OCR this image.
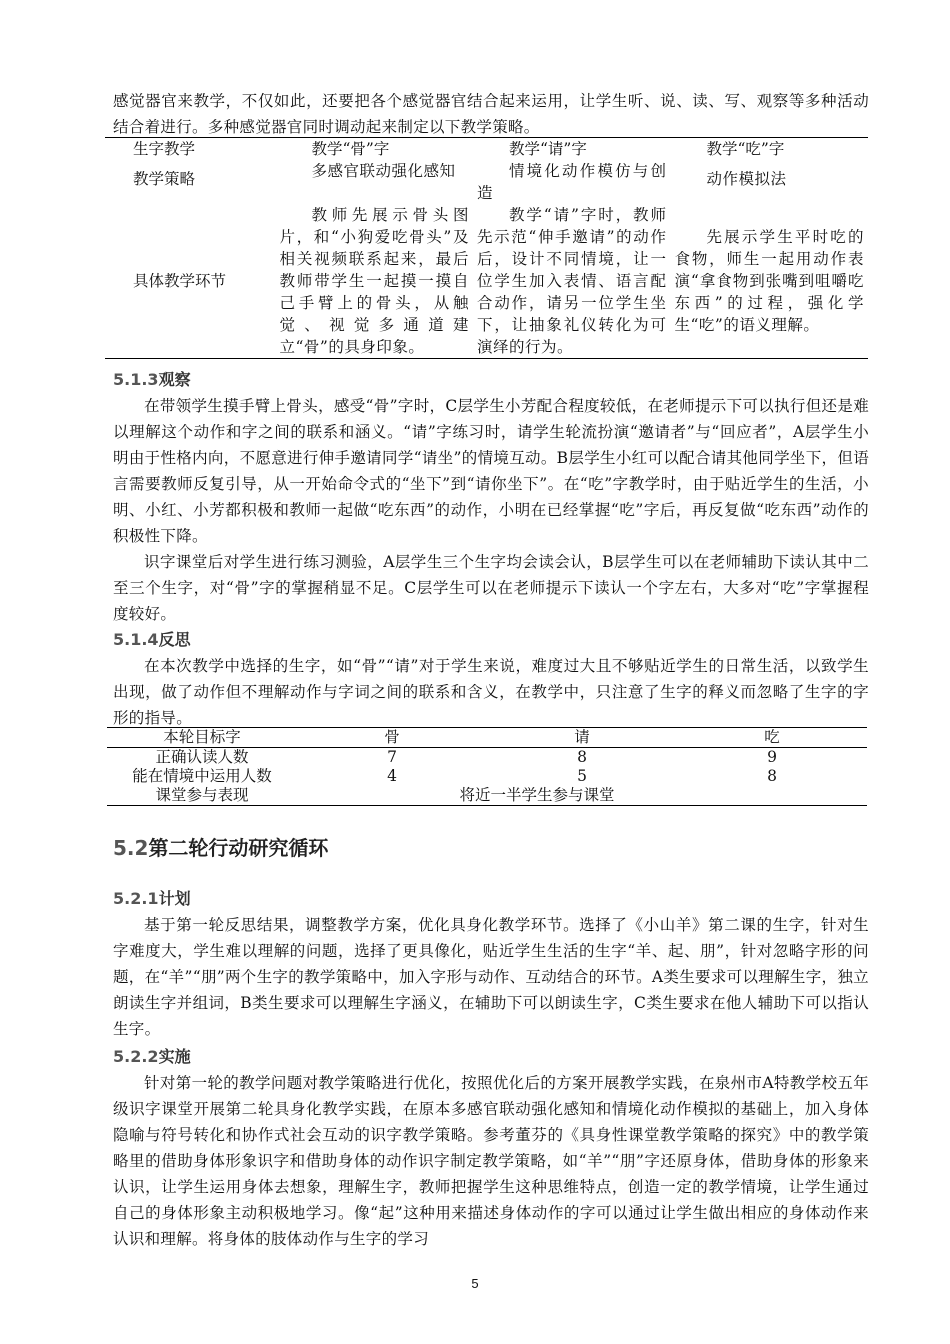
感觉器官来教学，不仅如此，还要把各个感觉器官结合起来运用，让学生听、说、读、写、观察等多种活动结合着进行。多种感觉器官同时调动起来制定以下教学策略。

生字教学	教学“骨”字	教学“请”字	教学“吃”字
教学策略	多感官联动强化感知	情境化动作模仿与创造	动作模拟法
具体教学环节	教师先展示骨头图片，和“小狗爱吃骨头”及相关视频联系起来，最后教师带学生一起摸一摸自己手臂上的骨头，从触觉、视觉多通道建立“骨”的具身印象。	教学“请”字时，教师先示范“伸手邀请”的动作后，设计不同情境，让一位学生加入表情、语言配合动作，请另一位学生坐下，让抽象礼仪转化为可演绎的行为。	先展示学生平时吃的食物，师生一起用动作表演“拿食物到张嘴到咀嚼吃东西”的过程，强化学生“吃”的语义理解。
5.1.3观察

在带领学生摸手臂上骨头，感受“骨”字时，C层学生小芳配合程度较低，在老师提示下可以执行但还是难以理解这个动作和字之间的联系和涵义。“请”字练习时，请学生轮流扮演“邀请者”与“回应者”，A层学生小明由于性格内向，不愿意进行伸手邀请同学“请坐”的情境互动。B层学生小红可以配合请其他同学坐下，但语言需要教师反复引导，从一开始命令式的“坐下”到“请你坐下”。在“吃”字教学时，由于贴近学生的生活，小明、小红、小芳都积极和教师一起做“吃东西”的动作，小明在已经掌握“吃”字后，再反复做“吃东西”动作的积极性下降。

识字课堂后对学生进行练习测验，A层学生三个生字均会读会认，B层学生可以在老师辅助下读认其中二至三个生字，对“骨”字的掌握稍显不足。C层学生可以在老师提示下读认一个字左右，大多对“吃”字掌握程度较好。

5.1.4反思

在本次教学中选择的生字，如“骨”“请”对于学生来说，难度过大且不够贴近学生的日常生活，以致学生出现，做了动作但不理解动作与字词之间的联系和含义，在教学中，只注意了生字的释义而忽略了生字的字形的指导。

本轮目标字	骨	请	吃
正确认读人数	7	8	9
能在情境中运用人数	4	5	8
课堂参与表现	将近一半学生参与课堂		
5.2第二轮行动研究循环
5.2.1计划

基于第一轮反思结果，调整教学方案，优化具身化教学环节。选择了《小山羊》第二课的生字，针对生字难度大，学生难以理解的问题，选择了更具像化，贴近学生生活的生字“羊、起、朋”，针对忽略字形的问题，在“羊”“朋”两个生字的教学策略中，加入字形与动作、互动结合的环节。A类生要求可以理解生字，独立朗读生字并组词，B类生要求可以理解生字涵义，在辅助下可以朗读生字，C类生要求在他人辅助下可以指认生字。

5.2.2实施

针对第一轮的教学问题对教学策略进行优化，按照优化后的方案开展教学实践，在泉州市A特教学校五年级识字课堂开展第二轮具身化教学实践，在原本多感官联动强化感知和情境化动作模拟的基础上，加入身体隐喻与符号转化和协作式社会互动的识字教学策略。参考董芬的《具身性课堂教学策略的探究》中的教学策略里的借助身体形象识字和借助身体的动作识字制定教学策略，如“羊”“朋”字还原身体，借助身体的形象来认识，让学生运用身体去想象，理解生字，教师把握学生这种思维特点，创造一定的教学情境，让学生通过自己的身体形象主动积极地学习。像“起”这种用来描述身体动作的字可以通过让学生做出相应的身体动作来认识和理解。将身体的肢体动作与生字的学习

5
